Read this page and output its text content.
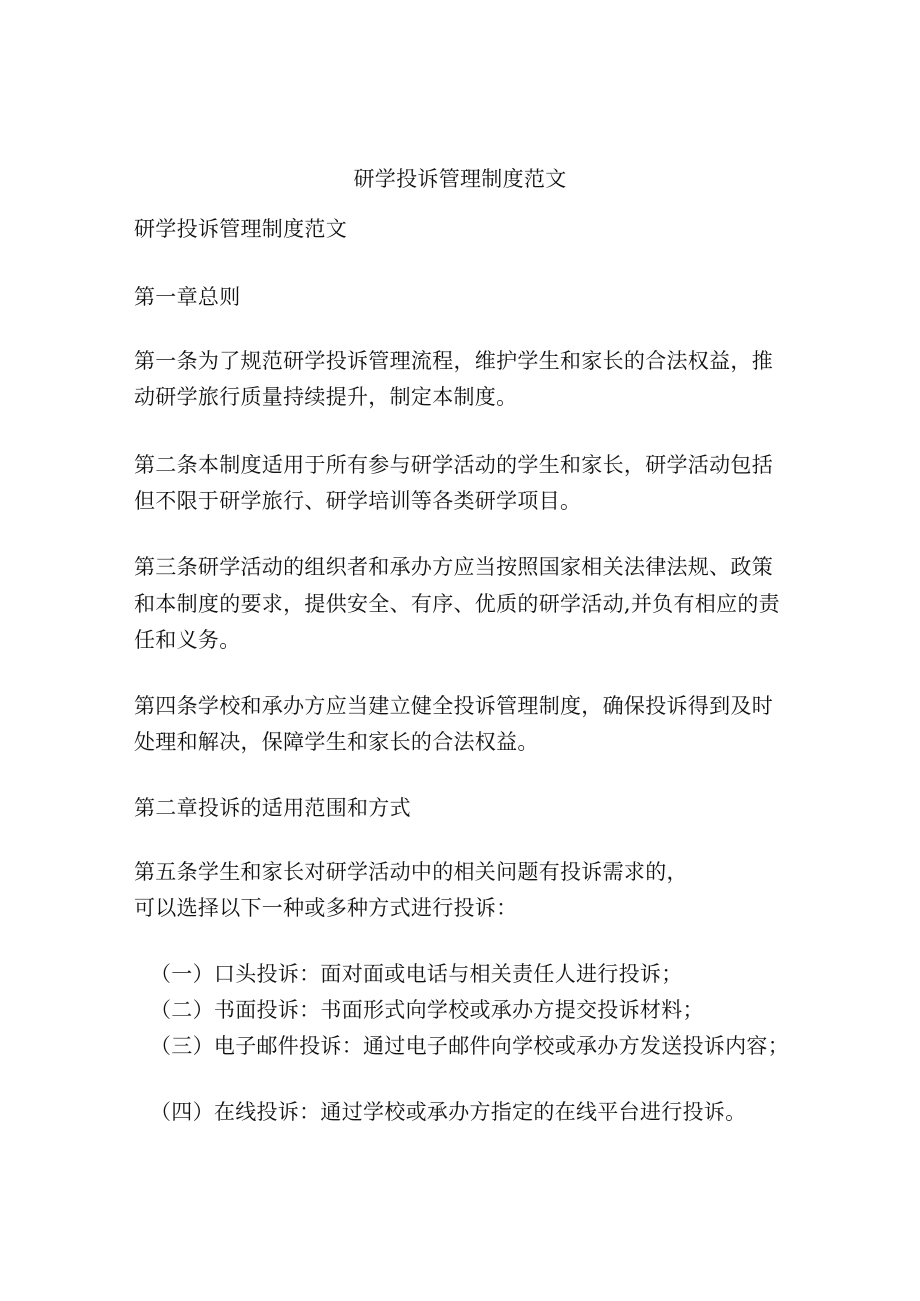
研学投诉管理制度范文
研学投诉管理制度范文
第一章总则
第一条为了规范研学投诉管理流程，维护学生和家长的合法权益，推
动研学旅行质量持续提升，制定本制度。
第二条本制度适用于所有参与研学活动的学生和家长，研学活动包括
但不限于研学旅行、研学培训等各类研学项目。
第三条研学活动的组织者和承办方应当按照国家相关法律法规、政策
和本制度的要求，提供安全、有序、优质的研学活动,并负有相应的责
任和义务。
第四条学校和承办方应当建立健全投诉管理制度，确保投诉得到及时
处理和解决，保障学生和家长的合法权益。
第二章投诉的适用范围和方式
第五条学生和家长对研学活动中的相关问题有投诉需求的，
可以选择以下一种或多种方式进行投诉：
（一）口头投诉：面对面或电话与相关责任人进行投诉；
（二）书面投诉：书面形式向学校或承办方提交投诉材料；
（三）电子邮件投诉：通过电子邮件向学校或承办方发送投诉内容；
（四）在线投诉：通过学校或承办方指定的在线平台进行投诉。
